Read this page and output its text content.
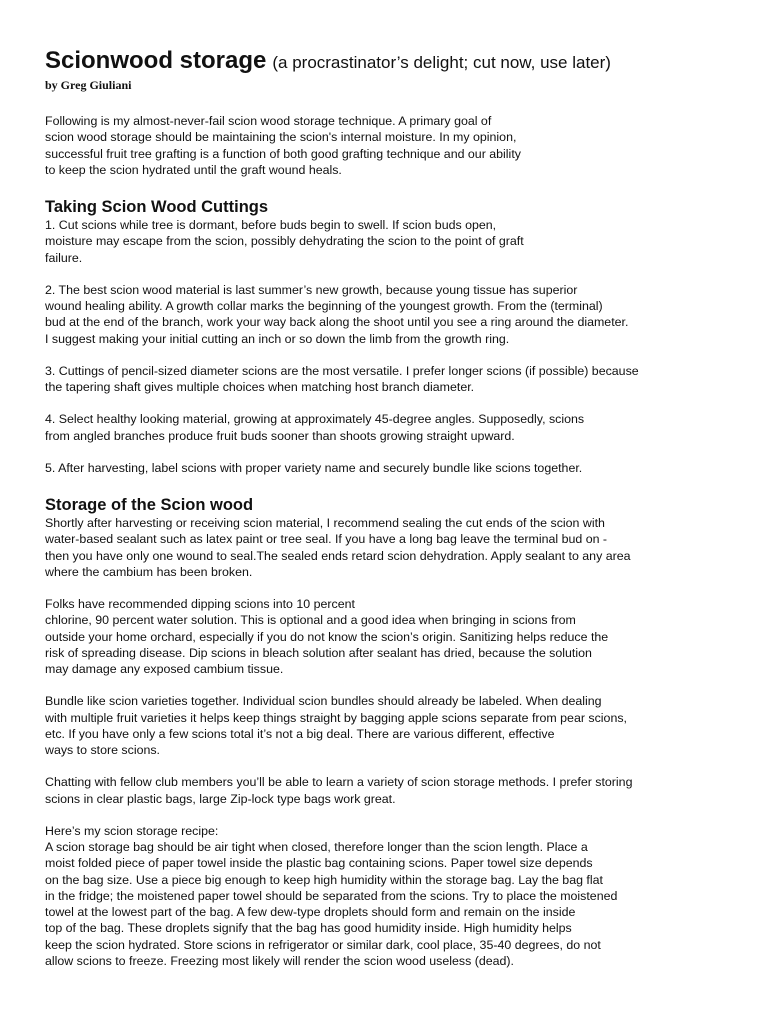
Scionwood storage (a procrastinator’s delight; cut now, use later)
by Greg Giuliani

Following is my almost-never-fail scion wood storage technique. A primary goal of
scion wood storage should be maintaining the scion's internal moisture. In my opinion,
successful fruit tree grafting is a function of both good grafting technique and our ability
to keep the scion hydrated until the graft wound heals.

Taking Scion Wood Cuttings

1. Cut scions while tree is dormant, before buds begin to swell. If scion buds open,
moisture may escape from the scion, possibly dehydrating the scion to the point of graft
failure.

2. The best scion wood material is last summer’s new growth, because young tissue has superior
wound healing ability. A growth collar marks the beginning of the youngest growth. From the (terminal)
bud at the end of the branch, work your way back along the shoot until you see a ring around the diameter.
I suggest making your initial cutting an inch or so down the limb from the growth ring.

3. Cuttings of pencil-sized diameter scions are the most versatile. I prefer longer scions (if possible) because
the tapering shaft gives multiple choices when matching host branch diameter.

4. Select healthy looking material, growing at approximately 45-degree angles. Supposedly, scions
from angled branches produce fruit buds sooner than shoots growing straight upward.

5. After harvesting, label scions with proper variety name and securely bundle like scions together.

Storage of the Scion wood

Shortly after harvesting or receiving scion material, I recommend sealing the cut ends of the scion with
water-based sealant such as latex paint or tree seal. If you have a long bag leave the terminal bud on -
then you have only one wound to seal.The sealed ends retard scion dehydration. Apply sealant to any area
where the cambium has been broken.

Folks have recommended dipping scions into 10 percent
chlorine, 90 percent water solution. This is optional and a good idea when bringing in scions from
outside your home orchard, especially if you do not know the scion’s origin. Sanitizing helps reduce the
risk of spreading disease. Dip scions in bleach solution after sealant has dried, because the solution
may damage any exposed cambium tissue.

Bundle like scion varieties together. Individual scion bundles should already be labeled. When dealing
with multiple fruit varieties it helps keep things straight by bagging apple scions separate from pear scions,
etc. If you have only a few scions total it’s not a big deal. There are various different, effective
ways to store scions.

Chatting with fellow club members you’ll be able to learn a variety of scion storage methods. I prefer storing
scions in clear plastic bags, large Zip-lock type bags work great.

Here’s my scion storage recipe:
A scion storage bag should be air tight when closed, therefore longer than the scion length. Place a
moist folded piece of paper towel inside the plastic bag containing scions. Paper towel size depends
on the bag size. Use a piece big enough to keep high humidity within the storage bag. Lay the bag flat
in the fridge; the moistened paper towel should be separated from the scions. Try to place the moistened
towel at the lowest part of the bag. A few dew-type droplets should form and remain on the inside
top of the bag. These droplets signify that the bag has good humidity inside. High humidity helps
keep the scion hydrated. Store scions in refrigerator or similar dark, cool place, 35-40 degrees, do not
allow scions to freeze. Freezing most likely will render the scion wood useless (dead).
